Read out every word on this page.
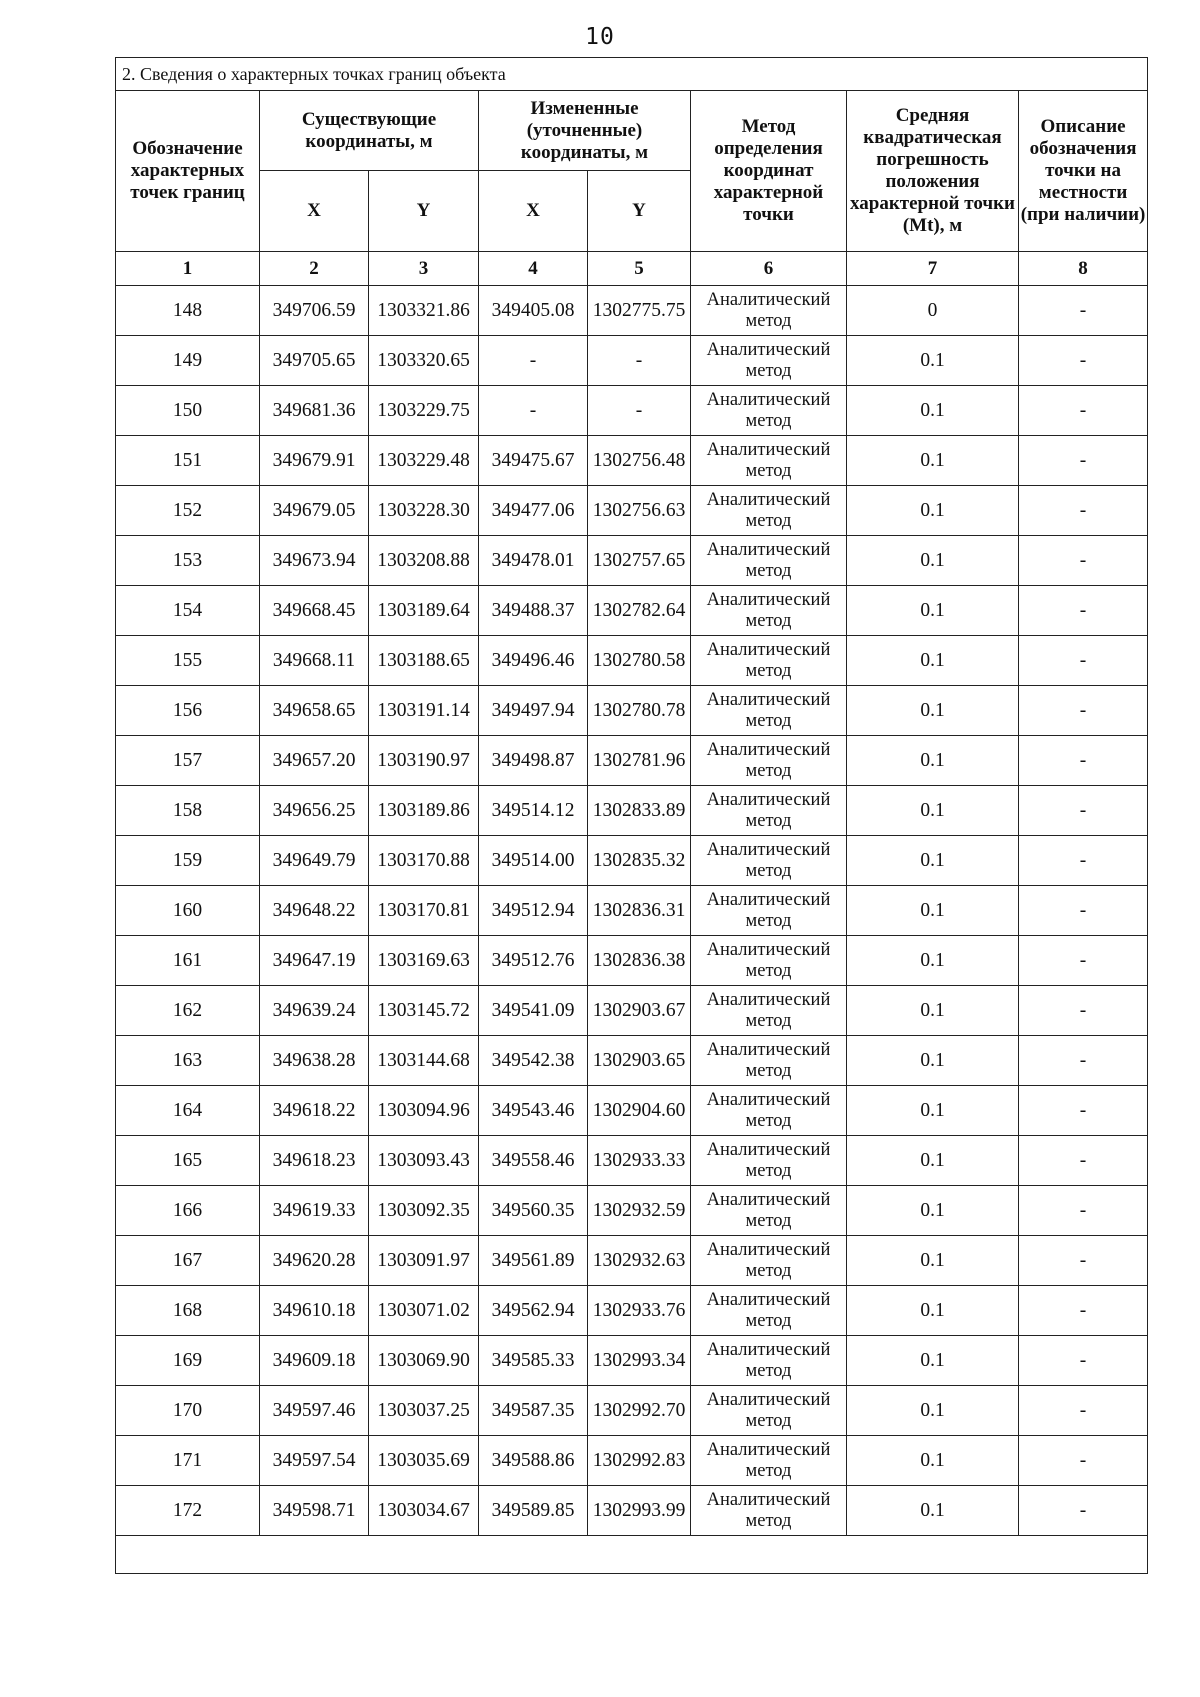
10
2. Сведения о характерных точках границ объекта							
Обозначение характерных точек границ	Существующие координаты, м		Измененные (уточненные) координаты, м		Метод определения координат характерной точки	Средняя квадратическая погрешность положения характерной точки (Mt), м	Описание обозначения точки на местности (при наличии)
	X	Y	X	Y			
1	2	3	4	5	6	7	8
148	349706.59	1303321.86	349405.08	1302775.75	Аналитический метод	0	-
149	349705.65	1303320.65	-	-	Аналитический метод	0.1	-
150	349681.36	1303229.75	-	-	Аналитический метод	0.1	-
151	349679.91	1303229.48	349475.67	1302756.48	Аналитический метод	0.1	-
152	349679.05	1303228.30	349477.06	1302756.63	Аналитический метод	0.1	-
153	349673.94	1303208.88	349478.01	1302757.65	Аналитический метод	0.1	-
154	349668.45	1303189.64	349488.37	1302782.64	Аналитический метод	0.1	-
155	349668.11	1303188.65	349496.46	1302780.58	Аналитический метод	0.1	-
156	349658.65	1303191.14	349497.94	1302780.78	Аналитический метод	0.1	-
157	349657.20	1303190.97	349498.87	1302781.96	Аналитический метод	0.1	-
158	349656.25	1303189.86	349514.12	1302833.89	Аналитический метод	0.1	-
159	349649.79	1303170.88	349514.00	1302835.32	Аналитический метод	0.1	-
160	349648.22	1303170.81	349512.94	1302836.31	Аналитический метод	0.1	-
161	349647.19	1303169.63	349512.76	1302836.38	Аналитический метод	0.1	-
162	349639.24	1303145.72	349541.09	1302903.67	Аналитический метод	0.1	-
163	349638.28	1303144.68	349542.38	1302903.65	Аналитический метод	0.1	-
164	349618.22	1303094.96	349543.46	1302904.60	Аналитический метод	0.1	-
165	349618.23	1303093.43	349558.46	1302933.33	Аналитический метод	0.1	-
166	349619.33	1303092.35	349560.35	1302932.59	Аналитический метод	0.1	-
167	349620.28	1303091.97	349561.89	1302932.63	Аналитический метод	0.1	-
168	349610.18	1303071.02	349562.94	1302933.76	Аналитический метод	0.1	-
169	349609.18	1303069.90	349585.33	1302993.34	Аналитический метод	0.1	-
170	349597.46	1303037.25	349587.35	1302992.70	Аналитический метод	0.1	-
171	349597.54	1303035.69	349588.86	1302992.83	Аналитический метод	0.1	-
172	349598.71	1303034.67	349589.85	1302993.99	Аналитический метод	0.1	-
